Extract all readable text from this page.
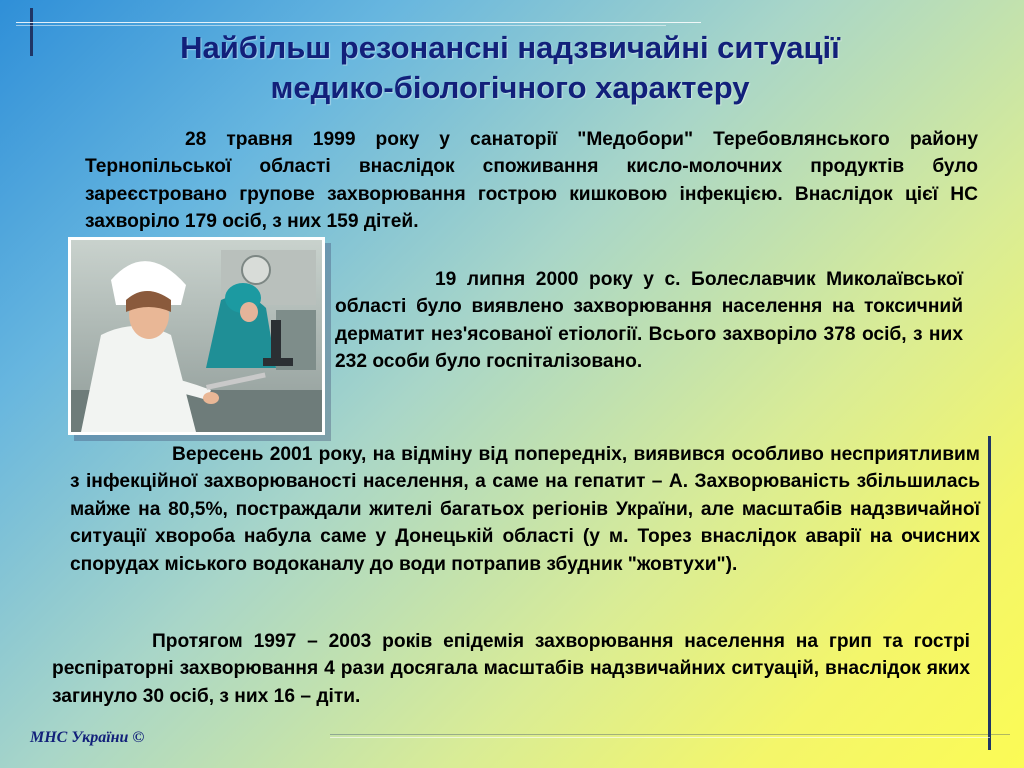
Найбільш резонансні надзвичайні ситуації
медико-біологічного характеру

28 травня 1999 року у санаторії "Медобори" Теребовлянського району Тернопільської області внаслідок споживання кисло-молочних продуктів було зареєстровано групове захворювання гострою кишковою інфекцією. Внаслідок цієї НС захворіло 179 осіб, з них 159 дітей.

19 липня 2000 року у с. Болеславчик Миколаївської області було виявлено захворювання населення на токсичний дерматит нез'ясованої етіології. Всього захворіло 378 осіб, з них 232 особи було госпіталізовано.

Вересень 2001 року, на відміну від попередніх, виявився особливо несприятливим з інфекційної захворюваності населення, а саме на гепатит – А. Захворюваність збільшилась майже на 80,5%, постраждали жителі багатьох регіонів України, але масштабів надзвичайної ситуації хвороба набула саме у Донецькій області (у м. Торез внаслідок аварії на очисних спорудах міського водоканалу до води потрапив збудник "жовтухи").

Протягом 1997 – 2003 років епідемія захворювання населення на грип та гострі респіраторні захворювання 4 рази досягала масштабів надзвичайних ситуацій, внаслідок яких загинуло 30 осіб, з них 16 – діти.

МНС України ©
